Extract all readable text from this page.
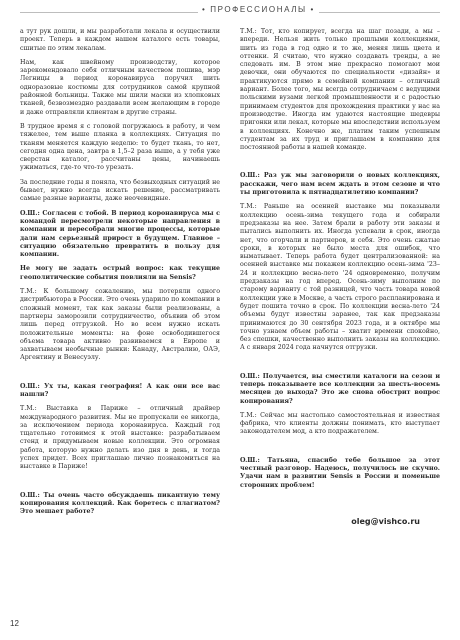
• ПРОФЕССИОНАЛЫ •

а тут рук дошли, и мы разработали лекала и осуществили проект. Теперь в каждом нашем каталоге есть товары, сшитые по этим лекалам.

Нам, как швейному производству, которое зарекомендовало себя отличным качеством пошива, мэр Легницы в период коронавируса поручил шить одноразовые костюмы для сотрудников самой крупной районной больницы. Также мы шили маски из хлопковых тканей, безвозмездно раздавали всем желающим в городе и даже отправляли клиентам в другие страны.

В трудное время я с головой погружаюсь в работу, и чем тяжелее, тем выше планка в коллекциях. Ситуация по тканям меняется каждую неделю: то будет ткань, то нет, сегодня одна цена, завтра в 1,5–2 раза выше, а у тебя уже сверстан каталог, рассчитаны цены, начинаешь ужиматься, где-то что-то урезать.

За последние годы я поняла, что безвыходных ситуаций не бывает, нужно всегда искать решение, рассматривать самые разные варианты, даже неочевидные.

O.Ш.: Согласен с тобой. В период коронавируса мы с командой пересмотрели некоторые направления в компании и пересобрали многие процессы, которые дали нам серьезный прирост в будущем. Главное – ситуацию обязательно превратить в пользу для компании.

Не могу не задать острый вопрос: как текущие геополитические события повлияли на Sensis?

Т.М.: К большому сожалению, мы потеряли одного дистрибьютора в России. Это очень ударило по компании в сложный момент, так как заказы были реализованы, а партнеры заморозили сотрудничество, объявив об этом лишь перед отгрузкой. Но во всем нужно искать положительные моменты: на фоне освободившегося объема товара активно развиваемся в Европе и захватываем необычные рынки: Канаду, Австралию, ОАЭ, Аргентину и Венесуэлу.

O.Ш.: Ух ты, какая география! А как они все вас нашли?

Т.М.: Выставка в Париже – отличный драйвер международного развития. Мы не пропускали ее никогда, за исключением периода коронавируса. Каждый год тщательно готовимся к этой выставке: разрабатываем стенд и придумываем новые коллекции. Это огромная работа, которую нужно делать изо дня в день, и тогда успех придет. Всех приглашаю лично познакомиться на выставке в Париже!

O.Ш.: Ты очень часто обсуждаешь пикантную тему копирования коллекций. Как боретесь с плагиатом? Это мешает работе?

Т.М.: Тот, кто копирует, всегда на шаг позади, а мы – впереди. Нельзя жить только прошлыми коллекциями, шить из года в год одно и то же, меняя лишь цвета и оттенки. Я считаю, что нужно создавать тренды, а не следовать им. В этом мне прекрасно помогают мои девочки, они обучаются по специальности «дизайн» и практикуются прямо в семейной компании – отличный вариант. Более того, мы всегда сотрудничаем с ведущими польскими вузами легкой промышленности и с радостью принимаем студентов для прохождения практики у нас на производстве. Иногда им удаются настоящие шедевры пригонки или лекал, которые мы впоследствии используем в коллекциях. Конечно же, платим таким успешным студентам за их труд и приглашаем в компанию для постоянной работы в нашей команде.

O.Ш.: Раз уж мы заговорили о новых коллекциях, расскажи, чего нам всем ждать в этом сезоне и что ты приготовила к пятнадцатилетию компании?

Т.М.: Раньше на осенней выставке мы показывали коллекцию осень-зима текущего года и собирали предзаказы на нее. Затем брали в работу эти заказы и пытались выполнить их. Иногда успевали в срок, иногда нет, что огорчали и партнеров, и себя. Это очень сжатые сроки, в которых не было места для ошибок, что выматывает. Теперь работа будет централизованной: на осенней выставке мы покажем коллекцию осень-зима '23–24 и коллекцию весна-лето '24 одновременно, получим предзаказы на год вперед. Осень-зиму выполним по старому варианту с той разницей, что часть товара новой коллекции уже в Москве, а часть строго распланирована и будет пошита точно в срок. По коллекции весна-лето '24 объемы будут известны заранее, так как предзаказы принимаются до 30 сентября 2023 года, и в октябре мы точно узнаем объем работы – хватит времени спокойно, без спешки, качественно выполнить заказы на коллекцию. А с января 2024 года начнутся отгрузки.

O.Ш.: Получается, вы сместили каталоги на сезон и теперь показываете все коллекции за шесть-восемь месяцев до выхода? Это же снова обострит вопрос копирования?

Т.М.: Сейчас мы настолько самостоятельная и известная фабрика, что клиенты должны понимать, кто выступает законодателем мод, а кто подражателем.

O.Ш.: Татьяна, спасибо тебе большое за этот честный разговор. Надеюсь, получилось не скучно. Удачи нам в развитии Sensis в России и поменьше сторонних проблем!

oleg@vishco.ru
12
